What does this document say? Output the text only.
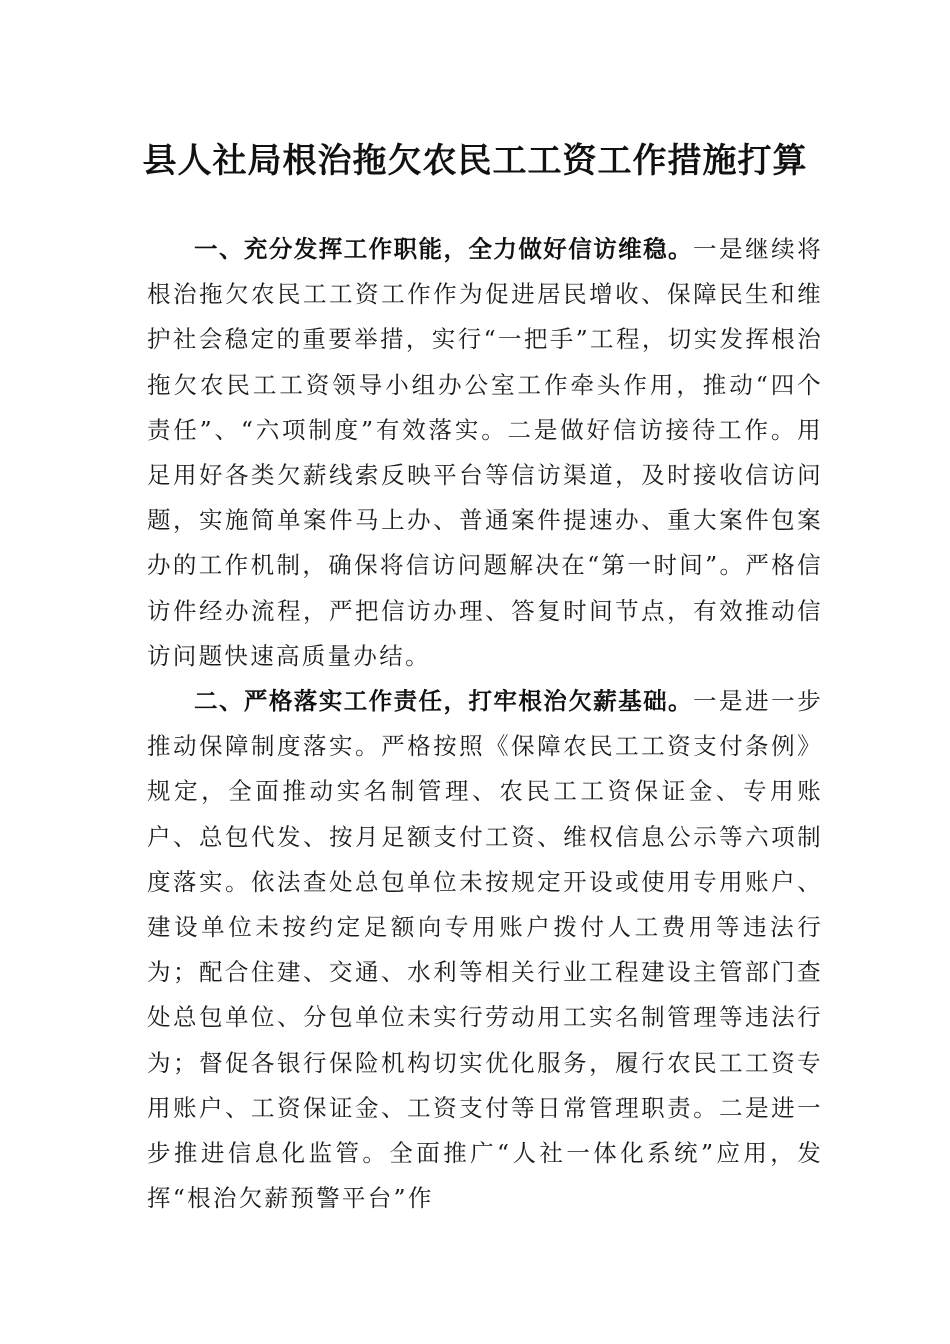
县人社局根治拖欠农民工工资工作措施打算

一、充分发挥工作职能，全力做好信访维稳。一是继续将根治拖欠农民工工资工作作为促进居民增收、保障民生和维护社会稳定的重要举措，实行“一把手”工程，切实发挥根治拖欠农民工工资领导小组办公室工作牵头作用，推动“四个责任”、“六项制度”有效落实。二是做好信访接待工作。用足用好各类欠薪线索反映平台等信访渠道，及时接收信访问题，实施简单案件马上办、普通案件提速办、重大案件包案办的工作机制，确保将信访问题解决在“第一时间”。严格信访件经办流程，严把信访办理、答复时间节点，有效推动信访问题快速高质量办结。

二、严格落实工作责任，打牢根治欠薪基础。一是进一步推动保障制度落实。严格按照《保障农民工工资支付条例》规定，全面推动实名制管理、农民工工资保证金、专用账户、总包代发、按月足额支付工资、维权信息公示等六项制度落实。依法查处总包单位未按规定开设或使用专用账户、建设单位未按约定足额向专用账户拨付人工费用等违法行为；配合住建、交通、水利等相关行业工程建设主管部门查处总包单位、分包单位未实行劳动用工实名制管理等违法行为；督促各银行保险机构切实优化服务，履行农民工工资专用账户、工资保证金、工资支付等日常管理职责。二是进一步推进信息化监管。全面推广“人社一体化系统”应用，发挥“根治欠薪预警平台”作
